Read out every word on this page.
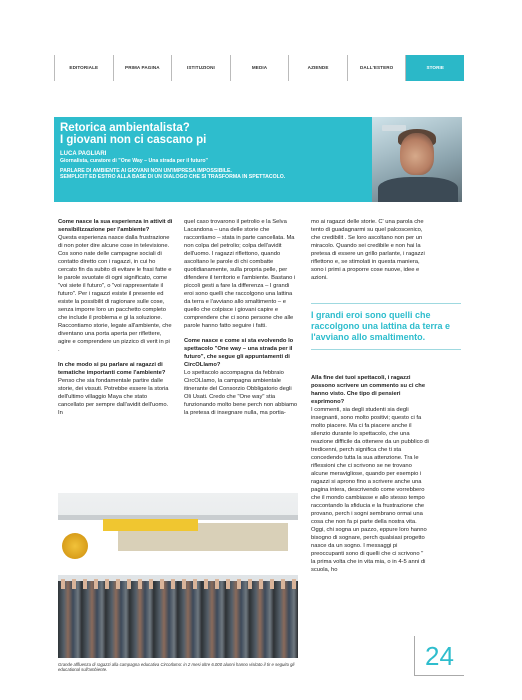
EDITORIALE	PRIMA PAGINA	ISTITUZIONI	MEDIA	AZIENDE	DALL'ESTERO	STORIE
Retorica ambientalista?
I giovani non ci cascano pi
LUCA PAGLIARI
Giornalista, curatore di "One Way – Una strada per il futuro"
PARLARE DI AMBIENTE AI GIOVANI NON UN'IMPRESA IMPOSSIBILE.
SEMPLICIT ED ESTRO ALLA BASE DI UN DIALOGO CHE SI TRASFORMA IN SPETTACOLO.

Come nasce la sua esperienza in attivit di sensibilizzazione per l'ambiente?

Questa esperienza nasce dalla frustrazione di non poter dire alcune cose in televisione. Cos sono nate delle campagne sociali di contatto diretto con i ragazzi, in cui ho cercato fin da subito di evitare le frasi fatte e le parole svuotate di ogni significato, come "voi siete il futuro", o "voi rappresentate il futuro". Per i ragazzi esiste il presente ed esiste la possibilit di ragionare sulle cose, senza imporre loro un pacchetto completo che include il problema e gi la soluzione. Raccontiamo storie, legate all'ambiente, che diventano una porta aperta per riflettere, agire e comprendere un pizzico di verit in pi .

In che modo si pu parlare ai ragazzi di tematiche importanti come l'ambiente?

Penso che sia fondamentale partire dalle storie, dei vissuti. Potrebbe essere la storia dell'ultimo villaggio Maya che stato cancellato per sempre dall'avidit dell'uomo. In

quel caso trovarono il petrolio e la Selva Lacandona – una delle storie che raccontiamo – stata in parte cancellata. Ma non colpa del petrolio; colpa dell'avidit dell'uomo. I ragazzi riflettono, quando ascoltano le parole di chi combatte quotidianamente, sulla propria pelle, per difendere il territorio e l'ambiente. Bastano i piccoli gesti a fare la differenza – I grandi eroi sono quelli che raccolgono una lattina da terra e l'avviano allo smaltimento – e quello che colpisce i giovani capire e comprendere che ci sono persone che alle parole hanno fatto seguire i fatti.

Come nasce e come si sta evolvendo lo spettacolo "One way – una strada per il futuro", che segue gli appuntamenti di CircOLlamo?

Lo spettacolo accompagna da febbraio CircOLlamo, la campagna ambientale itinerante del Consorzio Obbligatorio degli Oli Usati. Credo che "One way" stia funzionando molto bene perch non abbiamo la pretesa di insegnare nulla, ma portia-

mo ai ragazzi delle storie. C' una parola che tento di guadagnarmi su quel palcoscenico, che credibilit . Se loro ascoltano non per un miracolo. Quando sei credibile e non hai la pretesa di essere un grillo parlante, i ragazzi riflettono e, se stimolati in questa maniera, sono i primi a proporre cose nuove, idee e azioni.

Alla fine dei tuoi spettacoli, i ragazzi possono scrivere un commento su ci che hanno visto. Che tipo di pensieri esprimono?

I commenti, sia degli studenti sia degli insegnanti, sono molto positivi; questo ci fa molto piacere. Ma ci fa piacere anche il silenzio durante lo spettacolo, che una reazione difficile da ottenere da un pubblico di tredicenni, perch significa che ti sta concedendo tutta la sua attenzione. Tra le riflessioni che ci scrivono se ne trovano alcune meravigliose, quando per esempio i ragazzi si aprono fino a scrivere anche una pagina intera, descrivendo come vorrebbero che il mondo cambiasse e allo stesso tempo raccontando la sfiducia e la frustrazione che provano, perch i sogni sembrano ormai una cosa che non fa pi parte della nostra vita. Oggi, chi sogna un pazzo, eppure loro hanno bisogno di sognare, perch qualsiasi progetto nasce da un sogno. I messaggi pi preoccupanti sono di quelli che ci scrivono " la prima volta che in vita mia, o in 4-5 anni di scuola, ho

I grandi eroi sono quelli che raccolgono una lattina da terra e l'avviano allo smaltimento.

Grande affluenza di ragazzi alla campagna educativa CircoIlamo: in 2 mesi oltre 6.000 alunni hanno visitato il tir e seguito gli educational sull'ambiente.	24
